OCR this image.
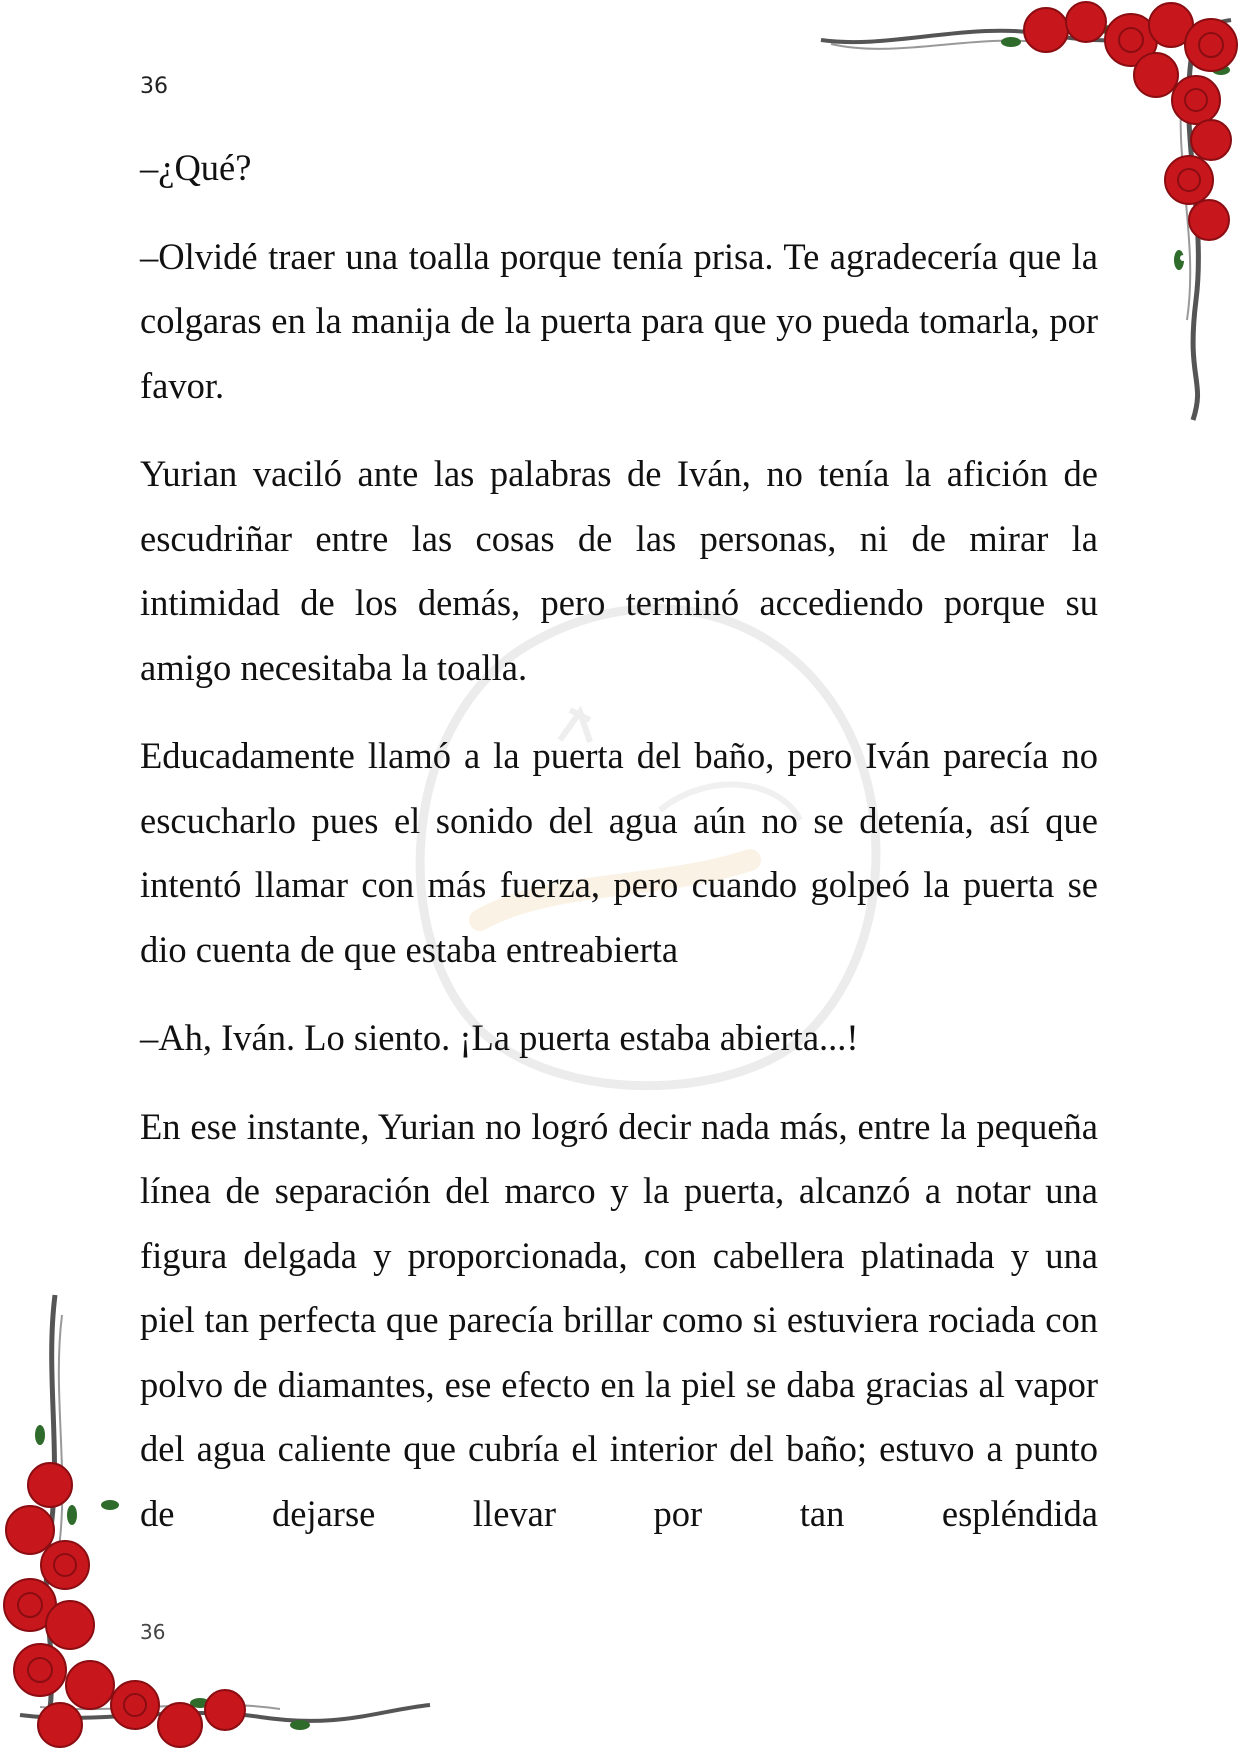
36

–¿Qué?

–Olvidé traer una toalla porque tenía prisa. Te agradecería que la colgaras en la manija de la puerta para que yo pueda tomarla, por favor.

Yurian vaciló ante las palabras de Iván, no tenía la afición de escudriñar entre las cosas de las personas, ni de mirar la intimidad de los demás, pero terminó accediendo porque su amigo necesitaba la toalla.

Educadamente llamó a la puerta del baño, pero Iván parecía no escucharlo pues el sonido del agua aún no se detenía, así que intentó llamar con más fuerza, pero cuando golpeó la puerta se dio cuenta de que estaba entreabierta

–Ah, Iván. Lo siento. ¡La puerta estaba abierta...!

En ese instante, Yurian no logró decir nada más, entre la pequeña línea de separación del marco y la puerta, alcanzó a notar una figura delgada y proporcionada, con cabellera platinada y una piel tan perfecta que parecía brillar como si estuviera rociada con polvo de diamantes, ese efecto en la piel se daba gracias al vapor del agua caliente que cubría el interior del baño; estuvo a punto de dejarse llevar por tan espléndida

36
